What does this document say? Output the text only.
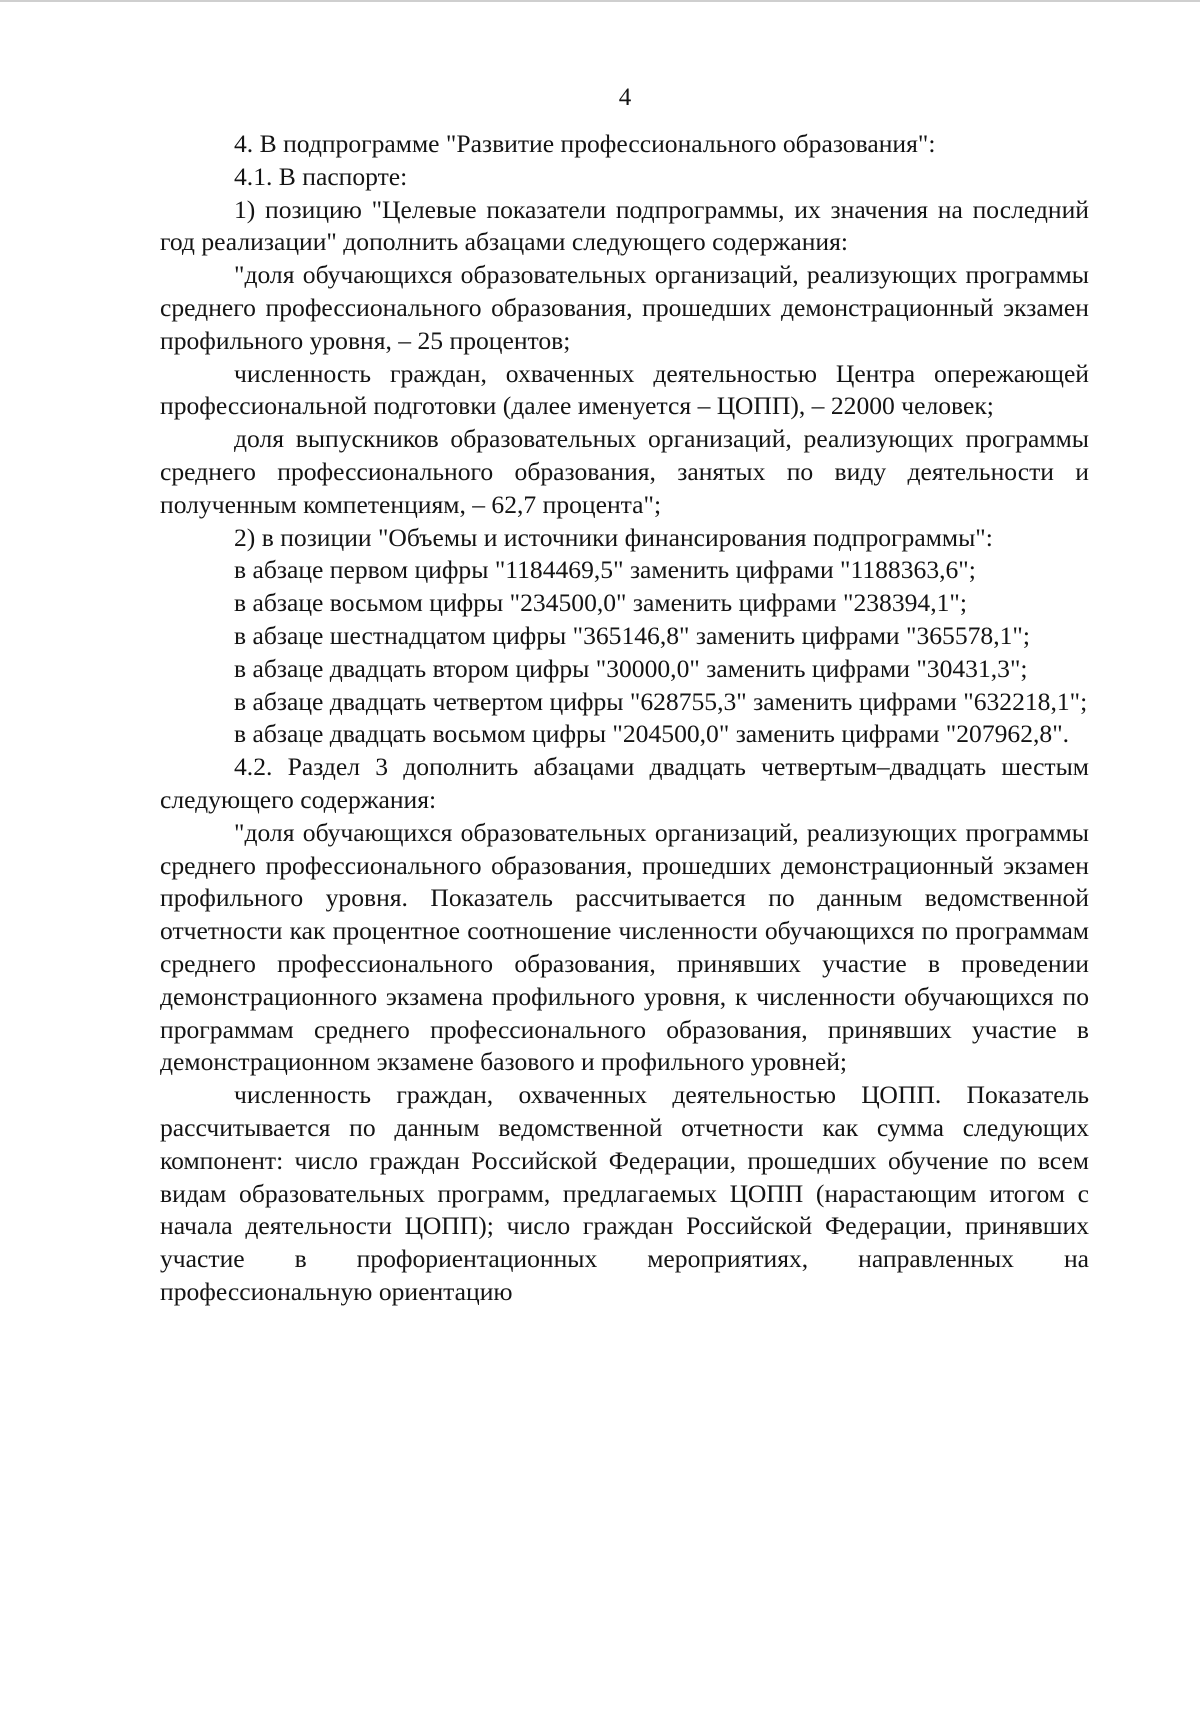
4

4. В подпрограмме "Развитие профессионального образования":

4.1. В паспорте:

1) позицию "Целевые показатели подпрограммы, их значения на последний год реализации" дополнить абзацами следующего содержания:

"доля обучающихся образовательных организаций, реализующих программы среднего профессионального образования, прошедших демонстрационный экзамен профильного уровня, – 25 процентов;

численность граждан, охваченных деятельностью Центра опережающей профессиональной подготовки (далее именуется – ЦОПП), – 22000 человек;

доля выпускников образовательных организаций, реализующих программы среднего профессионального образования, занятых по виду деятельности и полученным компетенциям, – 62,7 процента";

2) в позиции "Объемы и источники финансирования подпрограммы":

в абзаце первом цифры "1184469,5" заменить цифрами "1188363,6";

в абзаце восьмом цифры "234500,0" заменить цифрами "238394,1";

в абзаце шестнадцатом цифры "365146,8" заменить цифрами "365578,1";

в абзаце двадцать втором цифры "30000,0" заменить цифрами "30431,3";

в абзаце двадцать четвертом цифры "628755,3" заменить цифрами "632218,1";

в абзаце двадцать восьмом цифры "204500,0" заменить цифрами "207962,8".

4.2. Раздел 3 дополнить абзацами двадцать четвертым–двадцать шестым следующего содержания:

"доля обучающихся образовательных организаций, реализующих программы среднего профессионального образования, прошедших демонстрационный экзамен профильного уровня. Показатель рассчитывается по данным ведомственной отчетности как процентное соотношение численности обучающихся по программам среднего профессионального образования, принявших участие в проведении демонстрационного экзамена профильного уровня, к численности обучающихся по программам среднего профессионального образования, принявших участие в демонстрационном экзамене базового и профильного уровней;

численность граждан, охваченных деятельностью ЦОПП. Показатель рассчитывается по данным ведомственной отчетности как сумма следующих компонент: число граждан Российской Федерации, прошедших обучение по всем видам образовательных программ, предлагаемых ЦОПП (нарастающим итогом с начала деятельности ЦОПП); число граждан Российской Федерации, принявших участие в профориентационных мероприятиях, направленных на профессиональную ориентацию
